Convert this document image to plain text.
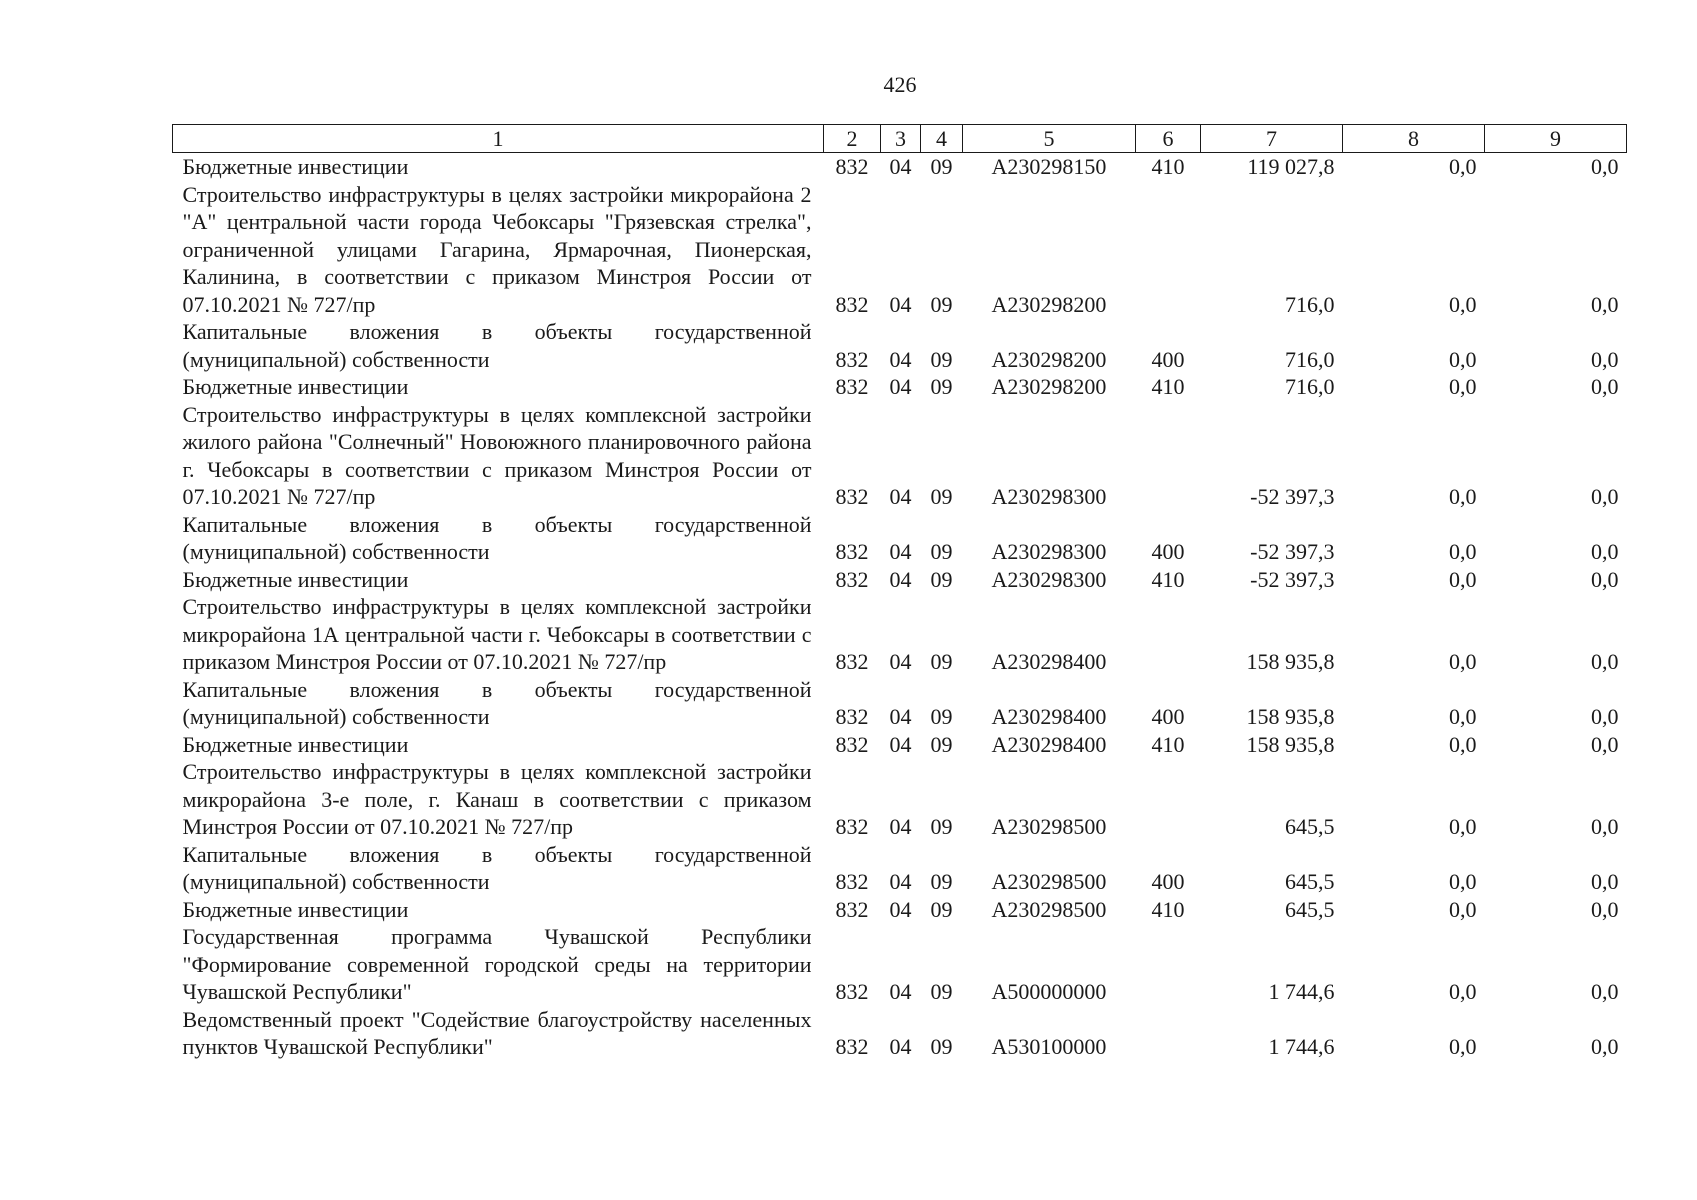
426
1	2	3	4	5	6	7	8	9
Бюджетные инвестиции	832	04	09	А230298150	410	119 027,8	0,0	0,0
Строительство инфраструктуры в целях застройки микрорайона 2 "А" центральной части города Чебоксары "Грязевская стрелка", ограниченной улицами Гагарина, Ярмарочная, Пионерская, Калинина, в соответствии с приказом Минстроя России от 07.10.2021 № 727/пр	832	04	09	А230298200		716,0	0,0	0,0
Капитальные вложения в объекты государственной (муниципальной) собственности	832	04	09	А230298200	400	716,0	0,0	0,0
Бюджетные инвестиции	832	04	09	А230298200	410	716,0	0,0	0,0
Строительство инфраструктуры в целях комплексной застройки жилого района "Солнечный" Новоюжного планировочного района г. Чебоксары в соответствии с приказом Минстроя России от 07.10.2021 № 727/пр	832	04	09	А230298300		-52 397,3	0,0	0,0
Капитальные вложения в объекты государственной (муниципальной) собственности	832	04	09	А230298300	400	-52 397,3	0,0	0,0
Бюджетные инвестиции	832	04	09	А230298300	410	-52 397,3	0,0	0,0
Строительство инфраструктуры в целях комплексной застройки микрорайона 1А центральной части г. Чебоксары в соответствии с приказом Минстроя России от 07.10.2021 № 727/пр	832	04	09	А230298400		158 935,8	0,0	0,0
Капитальные вложения в объекты государственной (муниципальной) собственности	832	04	09	А230298400	400	158 935,8	0,0	0,0
Бюджетные инвестиции	832	04	09	А230298400	410	158 935,8	0,0	0,0
Строительство инфраструктуры в целях комплексной застройки микрорайона 3-е поле, г. Канаш в соответствии с приказом Минстроя России от 07.10.2021 № 727/пр	832	04	09	А230298500		645,5	0,0	0,0
Капитальные вложения в объекты государственной (муниципальной) собственности	832	04	09	А230298500	400	645,5	0,0	0,0
Бюджетные инвестиции	832	04	09	А230298500	410	645,5	0,0	0,0
Государственная программа Чувашской Республики "Формирование современной городской среды на территории Чувашской Республики"	832	04	09	А500000000		1 744,6	0,0	0,0
Ведомственный проект "Содействие благоустройству населенных пунктов Чувашской Республики"	832	04	09	А530100000		1 744,6	0,0	0,0
